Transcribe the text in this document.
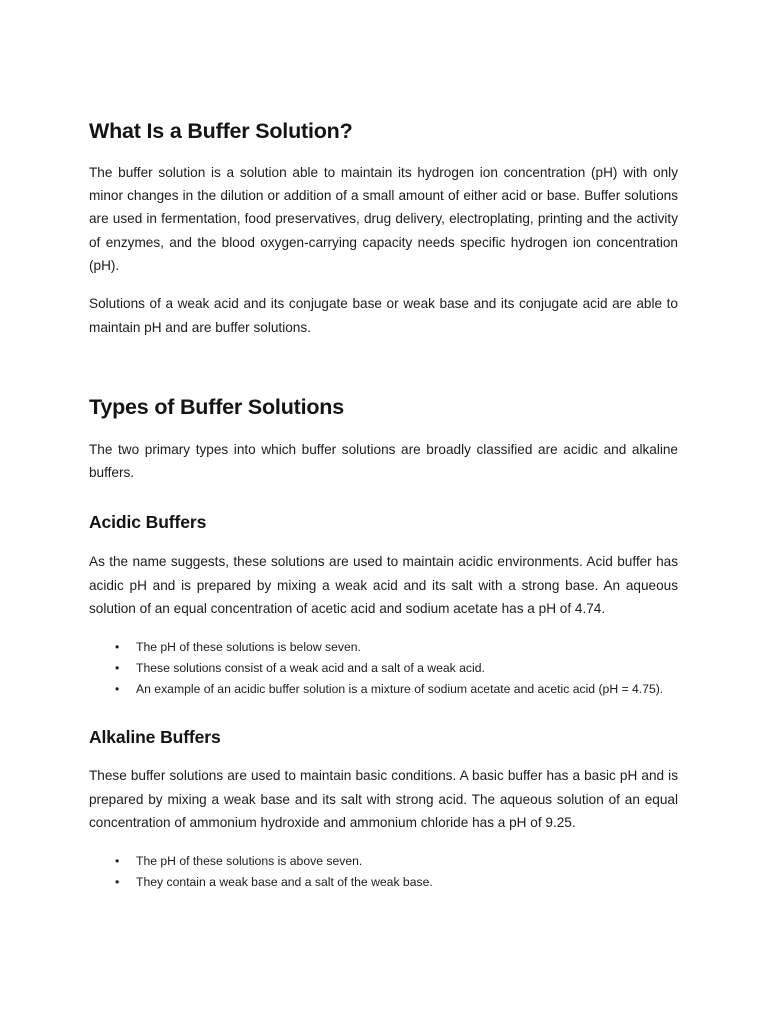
What Is a Buffer Solution?

The buffer solution is a solution able to maintain its hydrogen ion concentration (pH) with only minor changes in the dilution or addition of a small amount of either acid or base. Buffer solutions are used in fermentation, food preservatives, drug delivery, electroplating, printing and the activity of enzymes, and the blood oxygen-carrying capacity needs specific hydrogen ion concentration (pH).

Solutions of a weak acid and its conjugate base or weak base and its conjugate acid are able to maintain pH and are buffer solutions.

Types of Buffer Solutions

The two primary types into which buffer solutions are broadly classified are acidic and alkaline buffers.

Acidic Buffers

As the name suggests, these solutions are used to maintain acidic environments. Acid buffer has acidic pH and is prepared by mixing a weak acid and its salt with a strong base. An aqueous solution of an equal concentration of acetic acid and sodium acetate has a pH of 4.74.

• The pH of these solutions is below seven.
• These solutions consist of a weak acid and a salt of a weak acid.
• An example of an acidic buffer solution is a mixture of sodium acetate and acetic acid (pH = 4.75).
Alkaline Buffers

These buffer solutions are used to maintain basic conditions. A basic buffer has a basic pH and is prepared by mixing a weak base and its salt with strong acid. The aqueous solution of an equal concentration of ammonium hydroxide and ammonium chloride has a pH of 9.25.

• The pH of these solutions is above seven.
• They contain a weak base and a salt of the weak base.
